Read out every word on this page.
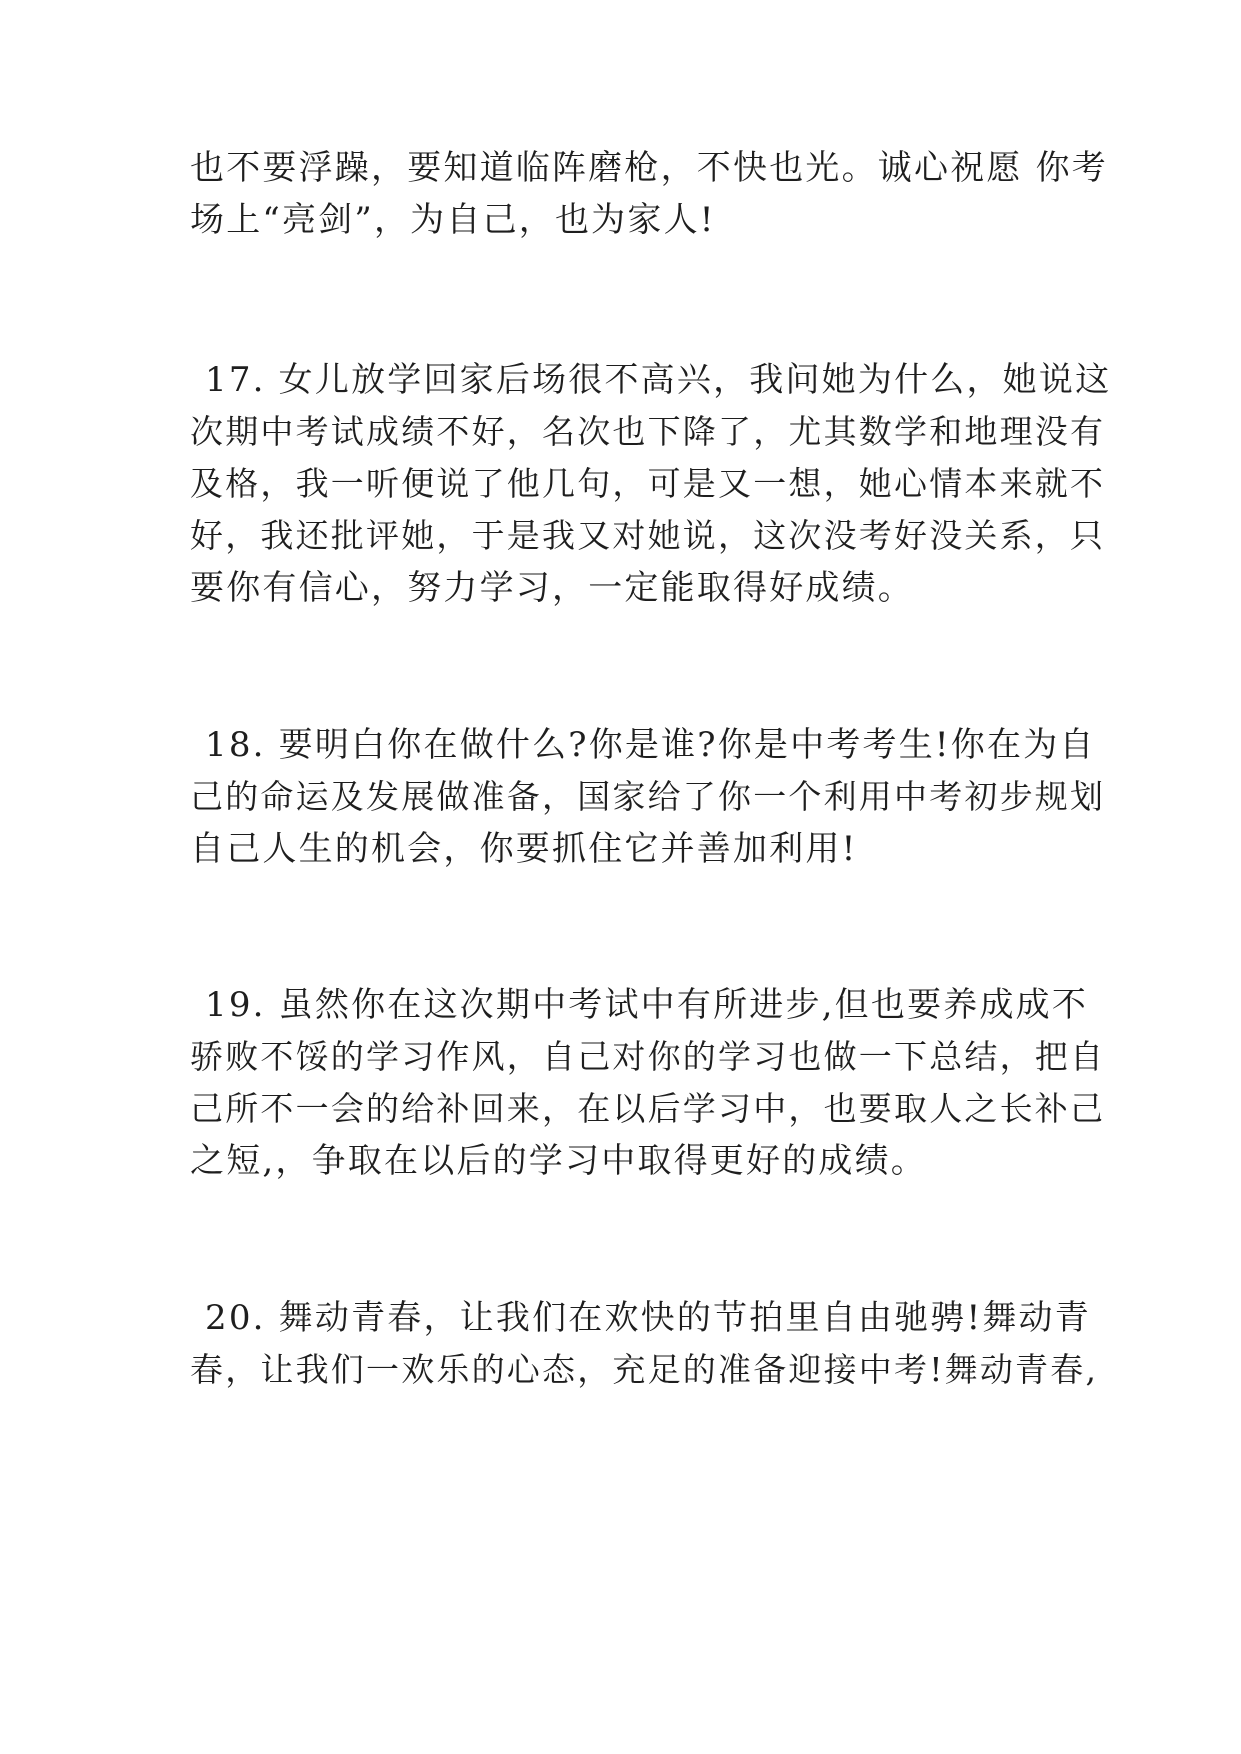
也不要浮躁，要知道临阵磨枪，不快也光。诚心祝愿 你考
场上“亮剑”，为自己，也为家人!
17. 女儿放学回家后场很不高兴，我问她为什么，她说这
次期中考试成绩不好，名次也下降了，尤其数学和地理没有
及格，我一听便说了他几句，可是又一想，她心情本来就不
好，我还批评她，于是我又对她说，这次没考好没关系，只
要你有信心，努力学习，一定能取得好成绩。
18. 要明白你在做什么?你是谁?你是中考考生!你在为自
己的命运及发展做准备，国家给了你一个利用中考初步规划
自己人生的机会，你要抓住它并善加利用!
19. 虽然你在这次期中考试中有所进步,但也要养成成不
骄败不馁的学习作风，自己对你的学习也做一下总结，把自
己所不一会的给补回来，在以后学习中，也要取人之长补己
之短,，争取在以后的学习中取得更好的成绩。
20. 舞动青春，让我们在欢快的节拍里自由驰骋!舞动青
春，让我们一欢乐的心态，充足的准备迎接中考!舞动青春,
